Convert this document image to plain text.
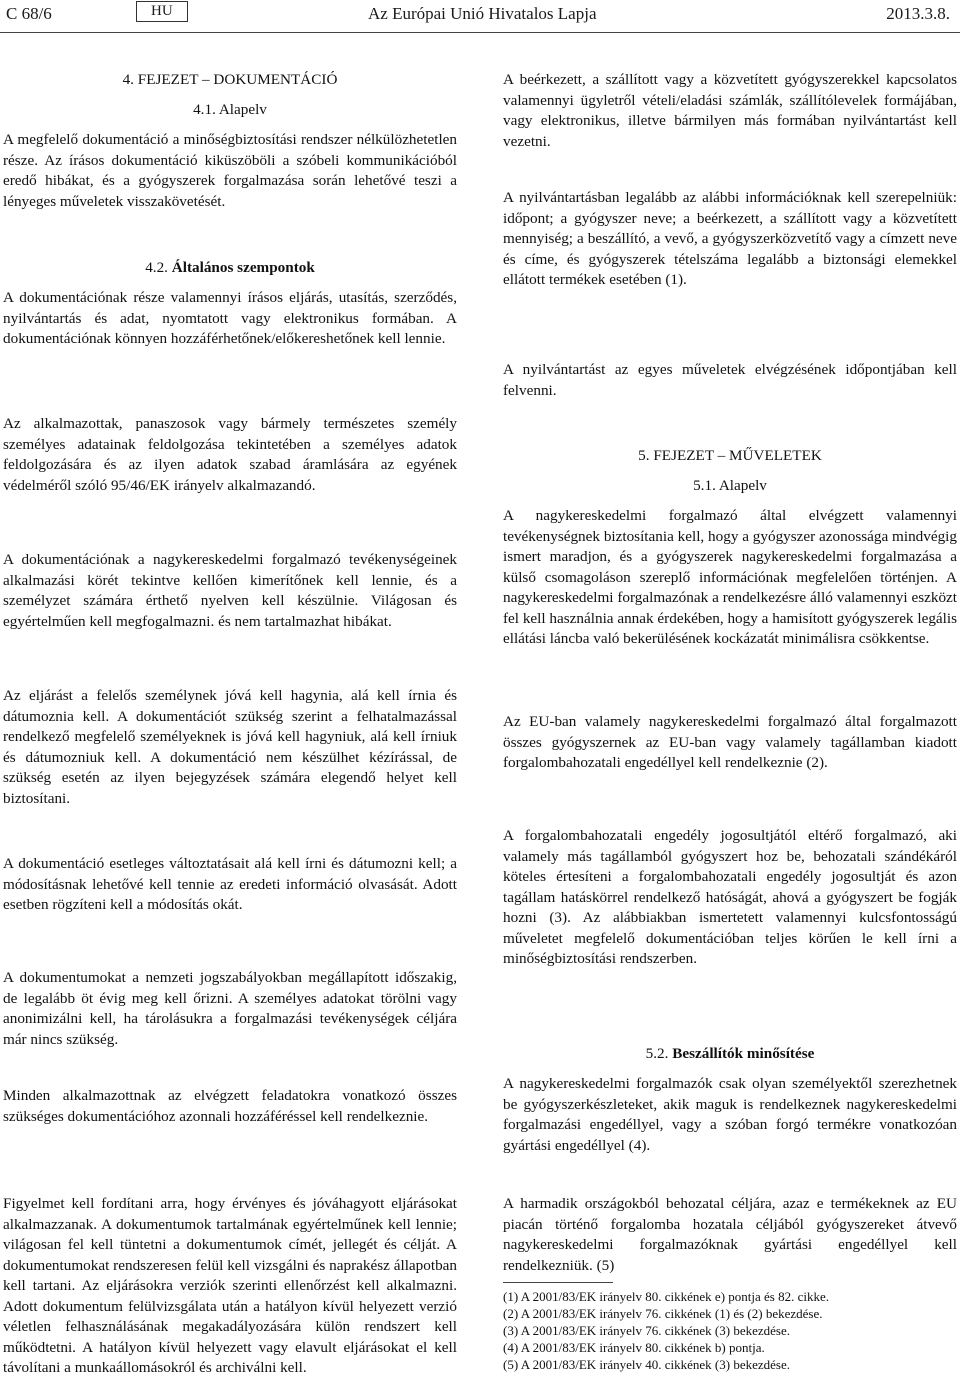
C 68/6	HU	Az Európai Unió Hivatalos Lapja	2013.3.8.

4. FEJEZET – DOKUMENTÁCIÓ

4.1. Alapelv

A megfelelő dokumentáció a minőségbiztosítási rendszer nélkülözhetetlen része. Az írásos dokumentáció kiküszöböli a szóbeli kommunikációból eredő hibákat, és a gyógyszerek forgalmazása során lehetővé teszi a lényeges műveletek visszakövetését.

4.2. Általános szempontok

A dokumentációnak része valamennyi írásos eljárás, utasítás, szerződés, nyilvántartás és adat, nyomtatott vagy elektronikus formában. A dokumentációnak könnyen hozzáférhetőnek/előkereshetőnek kell lennie.

Az alkalmazottak, panaszosok vagy bármely természetes személy személyes adatainak feldolgozása tekintetében a személyes adatok feldolgozására és az ilyen adatok szabad áramlására az egyének védelméről szóló 95/46/EK irányelv alkalmazandó.

A dokumentációnak a nagykereskedelmi forgalmazó tevékenységeinek alkalmazási körét tekintve kellően kimerítőnek kell lennie, és a személyzet számára érthető nyelven kell készülnie. Világosan és egyértelműen kell megfogalmazni. és nem tartalmazhat hibákat.

Az eljárást a felelős személynek jóvá kell hagynia, alá kell írnia és dátumoznia kell. A dokumentációt szükség szerint a felhatalmazással rendelkező megfelelő személyeknek is jóvá kell hagyniuk, alá kell írniuk és dátumozniuk kell. A dokumentáció nem készülhet kézírással, de szükség esetén az ilyen bejegyzések számára elegendő helyet kell biztosítani.

A dokumentáció esetleges változtatásait alá kell írni és dátumozni kell; a módosításnak lehetővé kell tennie az eredeti információ olvasását. Adott esetben rögzíteni kell a módosítás okát.

A dokumentumokat a nemzeti jogszabályokban megállapított időszakig, de legalább öt évig meg kell őrizni. A személyes adatokat törölni vagy anonimizálni kell, ha tárolásukra a forgalmazási tevékenységek céljára már nincs szükség.

Minden alkalmazottnak az elvégzett feladatokra vonatkozó összes szükséges dokumentációhoz azonnali hozzáféréssel kell rendelkeznie.

Figyelmet kell fordítani arra, hogy érvényes és jóváhagyott eljárásokat alkalmazzanak. A dokumentumok tartalmának egyértelműnek kell lennie; világosan fel kell tüntetni a dokumentumok címét, jellegét és célját. A dokumentumokat rendszeresen felül kell vizsgálni és naprakész állapotban kell tartani. Az eljárásokra verziók szerinti ellenőrzést kell alkalmazni. Adott dokumentum felülvizsgálata után a hatályon kívül helyezett verzió véletlen felhasználásának megakadályozására külön rendszert kell működtetni. A hatályon kívül helyezett vagy elavult eljárásokat el kell távolítani a munkaállomásokról és archiválni kell.

A beérkezett, a szállított vagy a közvetített gyógyszerekkel kapcsolatos valamennyi ügyletről vételi/eladási számlák, szállítólevelek formájában, vagy elektronikus, illetve bármilyen más formában nyilvántartást kell vezetni.

A nyilvántartásban legalább az alábbi információknak kell szerepelniük: időpont; a gyógyszer neve; a beérkezett, a szállított vagy a közvetített mennyiség; a beszállító, a vevő, a gyógyszerközvetítő vagy a címzett neve és címe, és gyógyszerek tételszáma legalább a biztonsági elemekkel ellátott termékek esetében (1).

A nyilvántartást az egyes műveletek elvégzésének időpontjában kell felvenni.

5. FEJEZET – MŰVELETEK

5.1. Alapelv

A nagykereskedelmi forgalmazó által elvégzett valamennyi tevékenységnek biztosítania kell, hogy a gyógyszer azonossága mindvégig ismert maradjon, és a gyógyszerek nagykereskedelmi forgalmazása a külső csomagoláson szereplő információnak megfelelően történjen. A nagykereskedelmi forgalmazónak a rendelkezésre álló valamennyi eszközt fel kell használnia annak érdekében, hogy a hamisított gyógyszerek legális ellátási láncba való bekerülésének kockázatát minimálisra csökkentse.

Az EU-ban valamely nagykereskedelmi forgalmazó által forgalmazott összes gyógyszernek az EU-ban vagy valamely tagállamban kiadott forgalombahozatali engedéllyel kell rendelkeznie (2).

A forgalombahozatali engedély jogosultjától eltérő forgalmazó, aki valamely más tagállamból gyógyszert hoz be, behozatali szándékáról köteles értesíteni a forgalombahozatali engedély jogosultját és azon tagállam hatáskörrel rendelkező hatóságát, ahová a gyógyszert be fogják hozni (3). Az alábbiakban ismertetett valamennyi kulcsfontosságú műveletet megfelelő dokumentációban teljes körűen le kell írni a minőségbiztosítási rendszerben.

5.2. Beszállítók minősítése

A nagykereskedelmi forgalmazók csak olyan személyektől szerezhetnek be gyógyszerkészleteket, akik maguk is rendelkeznek nagykereskedelmi forgalmazási engedéllyel, vagy a szóban forgó termékre vonatkozóan gyártási engedéllyel (4).

A harmadik országokból behozatal céljára, azaz e termékeknek az EU piacán történő forgalomba hozatala céljából gyógyszereket átvevő nagykereskedelmi forgalmazóknak gyártási engedéllyel kell rendelkezniük. (5)

(1) A 2001/83/EK irányelv 80. cikkének e) pontja és 82. cikke.

(2) A 2001/83/EK irányelv 76. cikkének (1) és (2) bekezdése.

(3) A 2001/83/EK irányelv 76. cikkének (3) bekezdése.

(4) A 2001/83/EK irányelv 80. cikkének b) pontja.

(5) A 2001/83/EK irányelv 40. cikkének (3) bekezdése.
